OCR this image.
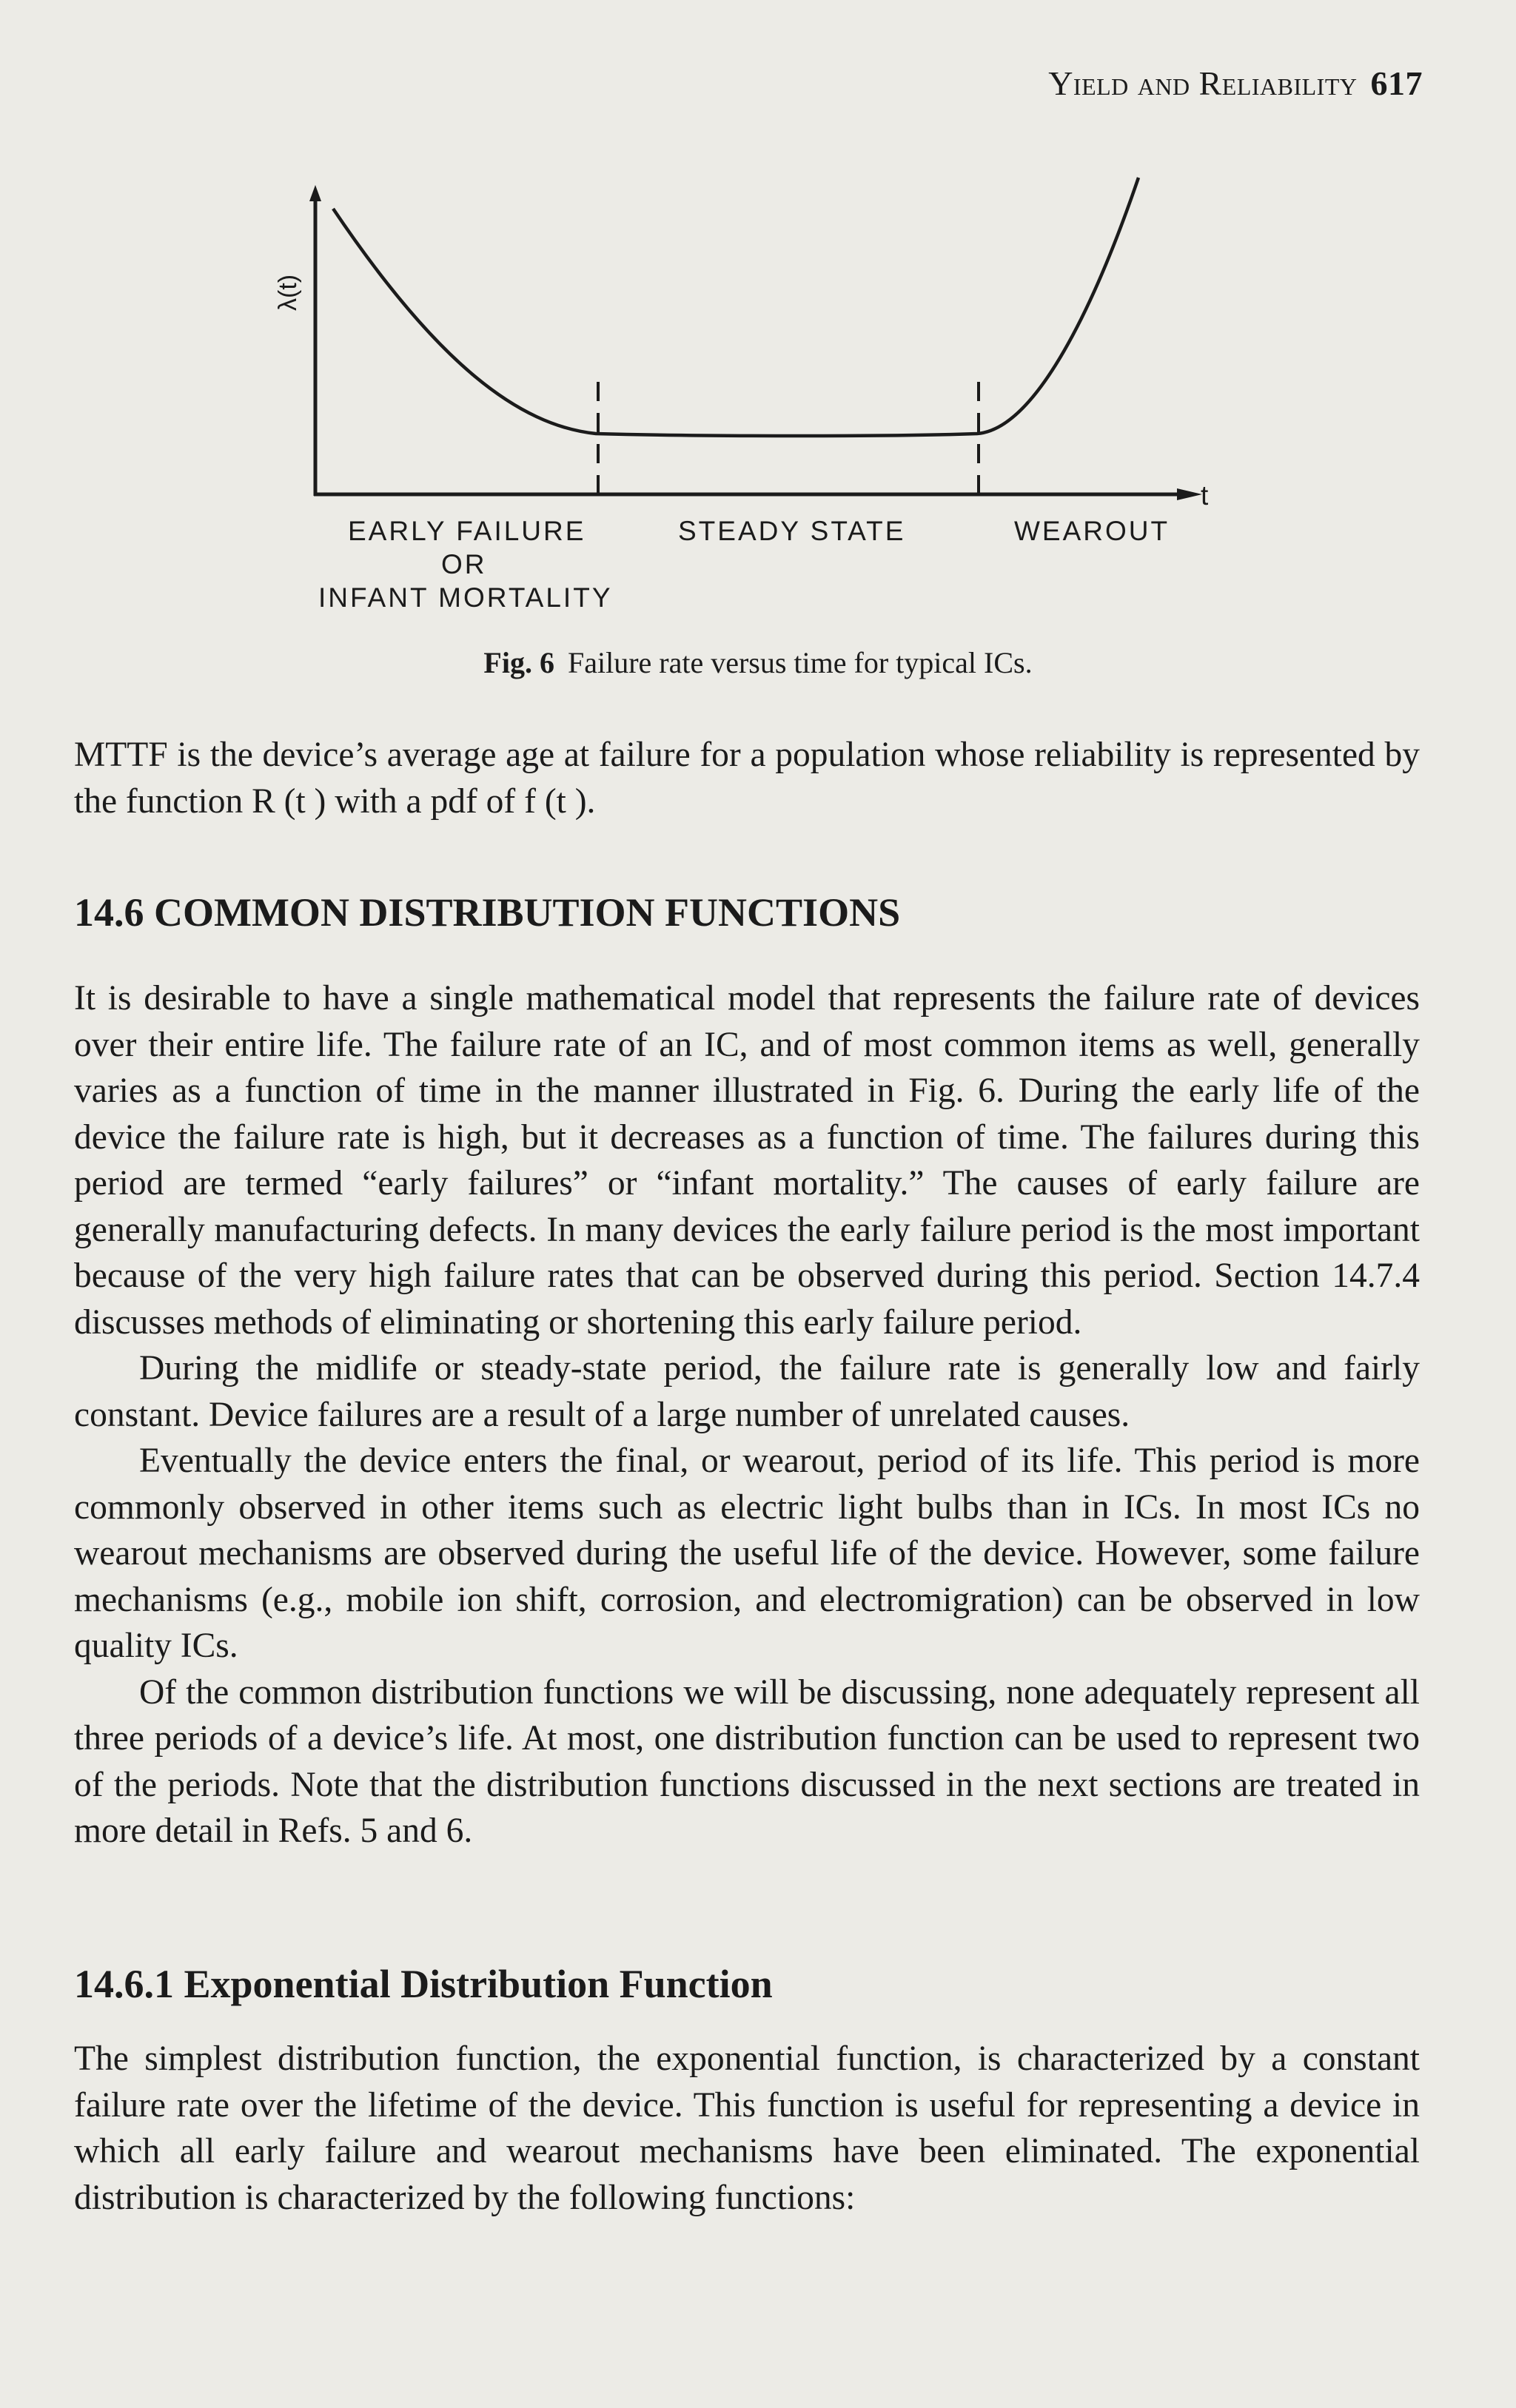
Yield and Reliability 617
λ(t)
t
EARLY FAILURE
OR
INFANT MORTALITY
STEADY STATE	WEAROUT
Fig. 6 Failure rate versus time for typical ICs.

MTTF is the device’s average age at failure for a population whose reliability is represented by the function R (t ) with a pdf of f (t ).

14.6 COMMON DISTRIBUTION FUNCTIONS

It is desirable to have a single mathematical model that represents the failure rate of devices over their entire life. The failure rate of an IC, and of most common items as well, generally varies as a function of time in the manner illustrated in Fig. 6. During the early life of the device the failure rate is high, but it decreases as a function of time. The failures during this period are termed “early failures” or “infant mortality.” The causes of early failure are generally manufacturing defects. In many devices the early failure period is the most important because of the very high failure rates that can be observed during this period. Section 14.7.4 discusses methods of eliminating or shortening this early failure period.

During the midlife or steady-state period, the failure rate is generally low and fairly constant. Device failures are a result of a large number of unrelated causes.

Eventually the device enters the final, or wearout, period of its life. This period is more commonly observed in other items such as electric light bulbs than in ICs. In most ICs no wearout mechanisms are observed during the useful life of the device. However, some failure mechanisms (e.g., mobile ion shift, corrosion, and electromigration) can be observed in low quality ICs.

Of the common distribution functions we will be discussing, none adequately represent all three periods of a device’s life. At most, one distribution function can be used to represent two of the periods. Note that the distribution functions discussed in the next sections are treated in more detail in Refs. 5 and 6.

14.6.1 Exponential Distribution Function

The simplest distribution function, the exponential function, is characterized by a constant failure rate over the lifetime of the device. This function is useful for representing a device in which all early failure and wearout mechanisms have been eliminated. The exponential distribution is characterized by the following functions:
